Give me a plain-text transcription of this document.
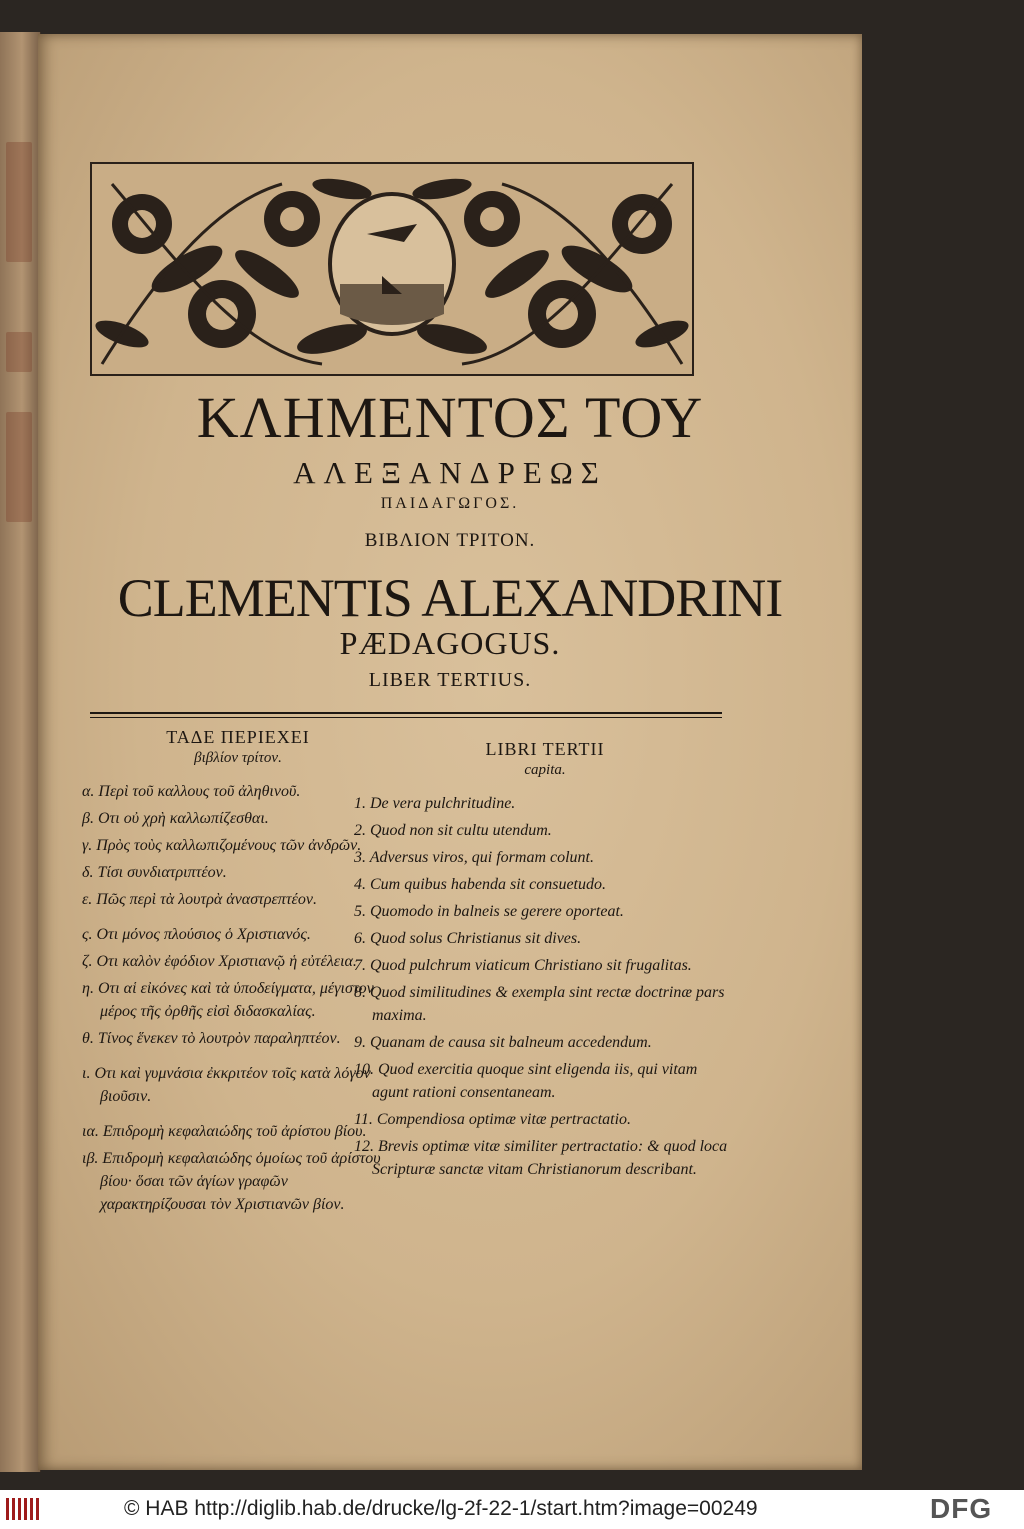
ΚΛΗΜΕΝΤΟΣ ΤΟΥ
ΑΛΕΞΑΝΔΡΕΩΣ
ΠΑΙΔΑΓΩΓΟΣ.
ΒΙΒΛΙΟΝ ΤΡΙΤΟΝ.
CLEMENTIS ALEXANDRINI
PÆDAGOGUS.
LIBER TERTIUS.
ΤΑΔΕ ΠΕΡΙΕΧΕΙ
βιβλίον τρίτον.
α. Περὶ τοῦ καλλους τοῦ ἀληθινοῦ.
β. Οτι οὐ χρὴ καλλωπίζεσθαι.
γ. Πρὸς τοὺς καλλωπιζομένους τῶν ἀνδρῶν.
δ. Τίσι συνδιατριπτέον.
ε. Πῶς περὶ τὰ λουτρὰ ἀναστρεπτέον.
ς. Οτι μόνος πλούσιος ὁ Χριστιανός.
ζ. Οτι καλὸν ἐφόδιον Χριστιανῷ ἡ εὐτέλεια.
η. Οτι αἱ εἰκόνες καὶ τὰ ὑποδείγματα, μέγιστον μέρος τῆς ὀρθῆς εἰσὶ διδασκαλίας.
θ. Τίνος ἕνεκεν τὸ λουτρὸν παραληπτέον.
ι. Οτι καὶ γυμνάσια ἐκκριτέον τοῖς κατὰ λόγον βιοῦσιν.
ια. Επιδρομὴ κεφαλαιώδης τοῦ ἀρίστου βίου.
ιβ. Επιδρομὴ κεφαλαιώδης ὁμοίως τοῦ ἀρίστου βίου· ὅσαι τῶν ἁγίων γραφῶν χαρακτηρίζουσαι τὸν Χριστιανῶν βίον.
LIBRI TERTII
capita.
1. De vera pulchritudine.
2. Quod non sit cultu utendum.
3. Adversus viros, qui formam colunt.
4. Cum quibus habenda sit consuetudo.
5. Quomodo in balneis se gerere oporteat.
6. Quod solus Christianus sit dives.
7. Quod pulchrum viaticum Christiano sit frugalitas.
8. Quod similitudines & exempla sint rectæ doctrinæ pars maxima.
9. Quanam de causa sit balneum accedendum.
10. Quod exercitia quoque sint eligenda iis, qui vitam agunt rationi consentaneam.
11. Compendiosa optimæ vitæ pertractatio.
12. Brevis optimæ vitæ similiter pertractatio: & quod loca Scripturæ sanctæ vitam Christianorum describant.
© HAB http://diglib.hab.de/drucke/lg-2f-22-1/start.htm?image=00249	DFG
